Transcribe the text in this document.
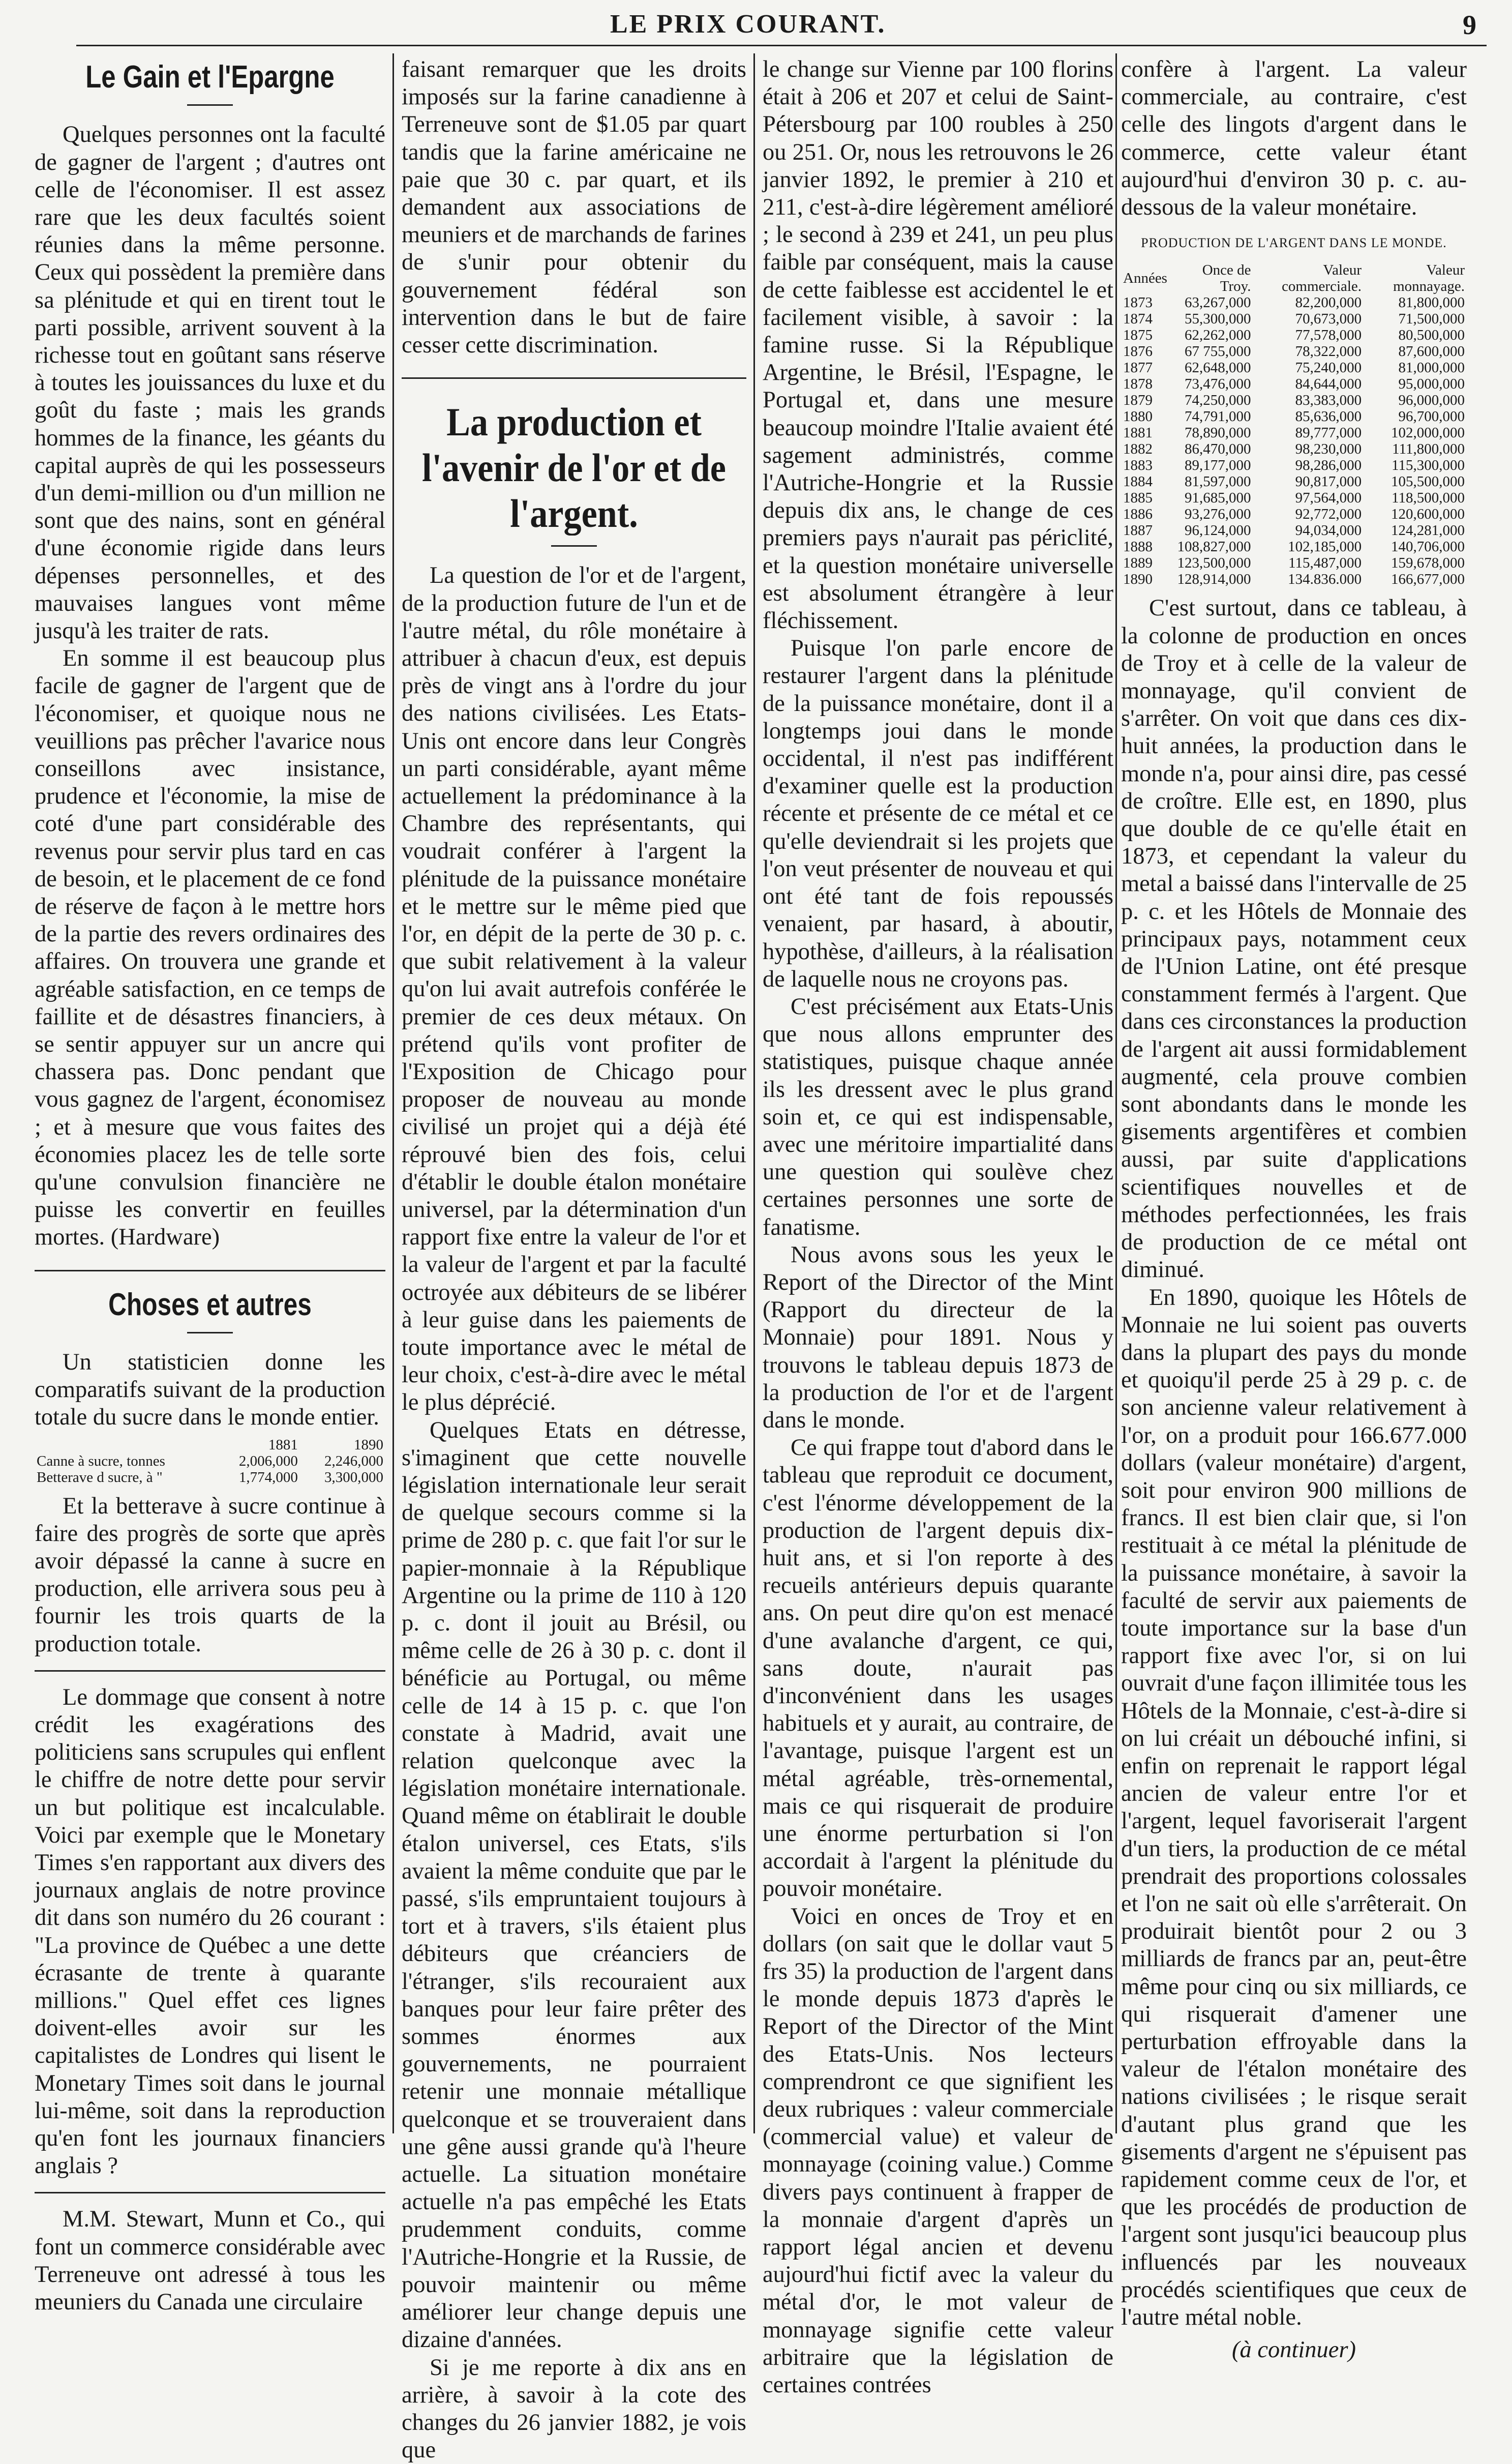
LE PRIX COURANT.	9
Le Gain et l'Epargne

Quelques personnes ont la faculté de gagner de l'argent ; d'autres ont celle de l'économiser. Il est assez rare que les deux facultés soient réunies dans la même personne. Ceux qui possèdent la première dans sa plénitude et qui en tirent tout le parti possible, arrivent souvent à la richesse tout en goûtant sans réserve à toutes les jouissances du luxe et du goût du faste ; mais les grands hommes de la finance, les géants du capital auprès de qui les possesseurs d'un demi-million ou d'un million ne sont que des nains, sont en général d'une économie rigide dans leurs dépenses personnelles, et des mauvaises langues vont même jusqu'à les traiter de rats.

En somme il est beaucoup plus facile de gagner de l'argent que de l'économiser, et quoique nous ne veuillions pas prêcher l'avarice nous conseillons avec insistance, prudence et l'économie, la mise de coté d'une part considérable des revenus pour servir plus tard en cas de besoin, et le placement de ce fond de réserve de façon à le mettre hors de la partie des revers ordinaires des affaires. On trouvera une grande et agréable satisfaction, en ce temps de faillite et de désastres financiers, à se sentir appuyer sur un ancre qui chassera pas. Donc pendant que vous gagnez de l'argent, économisez ; et à mesure que vous faites des économies placez les de telle sorte qu'une convulsion financière ne puisse les convertir en feuilles mortes. (Hardware)

Choses et autres

Un statisticien donne les comparatifs suivant de la production totale du sucre dans le monde entier.

	1881	1890
Canne à sucre, tonnes	2,006,000	2,246,000
Betterave d sucre, à "	1,774,000	3,300,000

Et la betterave à sucre continue à faire des progrès de sorte que après avoir dépassé la canne à sucre en production, elle arrivera sous peu à fournir les trois quarts de la production totale.

Le dommage que consent à notre crédit les exagérations des politiciens sans scrupules qui enflent le chiffre de notre dette pour servir un but politique est incalculable. Voici par exemple que le Monetary Times s'en rapportant aux divers des journaux anglais de notre province dit dans son numéro du 26 courant : "La province de Québec a une dette écrasante de trente à quarante millions." Quel effet ces lignes doivent-elles avoir sur les capitalistes de Londres qui lisent le Monetary Times soit dans le journal lui-même, soit dans la reproduction qu'en font les journaux financiers anglais ?

M.M. Stewart, Munn et Co., qui font un commerce considérable avec Terreneuve ont adressé à tous les meuniers du Canada une circulaire

faisant remarquer que les droits imposés sur la farine canadienne à Terreneuve sont de $1.05 par quart tandis que la farine américaine ne paie que 30 c. par quart, et ils demandent aux associations de meuniers et de marchands de farines de s'unir pour obtenir du gouvernement fédéral son intervention dans le but de faire cesser cette discrimination.

La production et l'avenir de l'or et de l'argent.

La question de l'or et de l'argent, de la production future de l'un et de l'autre métal, du rôle monétaire à attribuer à chacun d'eux, est depuis près de vingt ans à l'ordre du jour des nations civilisées. Les Etats-Unis ont encore dans leur Congrès un parti considérable, ayant même actuellement la prédominance à la Chambre des représentants, qui voudrait conférer à l'argent la plénitude de la puissance monétaire et le mettre sur le même pied que l'or, en dépit de la perte de 30 p. c. que subit relativement à la valeur qu'on lui avait autrefois conférée le premier de ces deux métaux. On prétend qu'ils vont profiter de l'Exposition de Chicago pour proposer de nouveau au monde civilisé un projet qui a déjà été réprouvé bien des fois, celui d'établir le double étalon monétaire universel, par la détermination d'un rapport fixe entre la valeur de l'or et la valeur de l'argent et par la faculté octroyée aux débiteurs de se libérer à leur guise dans les paiements de toute importance avec le métal de leur choix, c'est-à-dire avec le métal le plus déprécié.

Quelques Etats en détresse, s'imaginent que cette nouvelle législation internationale leur serait de quelque secours comme si la prime de 280 p. c. que fait l'or sur le papier-monnaie à la République Argentine ou la prime de 110 à 120 p. c. dont il jouit au Brésil, ou même celle de 26 à 30 p. c. dont il bénéficie au Portugal, ou même celle de 14 à 15 p. c. que l'on constate à Madrid, avait une relation quelconque avec la législation monétaire internationale. Quand même on établirait le double étalon universel, ces Etats, s'ils avaient la même conduite que par le passé, s'ils empruntaient toujours à tort et à travers, s'ils étaient plus débiteurs que créanciers de l'étranger, s'ils recouraient aux banques pour leur faire prêter des sommes énormes aux gouvernements, ne pourraient retenir une monnaie métallique quelconque et se trouveraient dans une gêne aussi grande qu'à l'heure actuelle. La situation monétaire actuelle n'a pas empêché les Etats prudemment conduits, comme l'Autriche-Hongrie et la Russie, de pouvoir maintenir ou même améliorer leur change depuis une dizaine d'années.

Si je me reporte à dix ans en arrière, à savoir à la cote des changes du 26 janvier 1882, je vois que

le change sur Vienne par 100 florins était à 206 et 207 et celui de Saint-Pétersbourg par 100 roubles à 250 ou 251. Or, nous les retrouvons le 26 janvier 1892, le premier à 210 et 211, c'est-à-dire légèrement amélioré ; le second à 239 et 241, un peu plus faible par conséquent, mais la cause de cette faiblesse est accidentel le et facilement visible, à savoir : la famine russe. Si la République Argentine, le Brésil, l'Espagne, le Portugal et, dans une mesure beaucoup moindre l'Italie avaient été sagement administrés, comme l'Autriche-Hongrie et la Russie depuis dix ans, le change de ces premiers pays n'aurait pas périclité, et la question monétaire universelle est absolument étrangère à leur fléchissement.

Puisque l'on parle encore de restaurer l'argent dans la plénitude de la puissance monétaire, dont il a longtemps joui dans le monde occidental, il n'est pas indifférent d'examiner quelle est la production récente et présente de ce métal et ce qu'elle deviendrait si les projets que l'on veut présenter de nouveau et qui ont été tant de fois repoussés venaient, par hasard, à aboutir, hypothèse, d'ailleurs, à la réalisation de laquelle nous ne croyons pas.

C'est précisément aux Etats-Unis que nous allons emprunter des statistiques, puisque chaque année ils les dressent avec le plus grand soin et, ce qui est indispensable, avec une méritoire impartialité dans une question qui soulève chez certaines personnes une sorte de fanatisme.

Nous avons sous les yeux le Report of the Director of the Mint (Rapport du directeur de la Monnaie) pour 1891. Nous y trouvons le tableau depuis 1873 de la production de l'or et de l'argent dans le monde.

Ce qui frappe tout d'abord dans le tableau que reproduit ce document, c'est l'énorme développement de la production de l'argent depuis dix-huit ans, et si l'on reporte à des recueils antérieurs depuis quarante ans. On peut dire qu'on est menacé d'une avalanche d'argent, ce qui, sans doute, n'aurait pas d'inconvénient dans les usages habituels et y aurait, au contraire, de l'avantage, puisque l'argent est un métal agréable, très-ornemental, mais ce qui risquerait de produire une énorme perturbation si l'on accordait à l'argent la plénitude du pouvoir monétaire.

Voici en onces de Troy et en dollars (on sait que le dollar vaut 5 frs 35) la production de l'argent dans le monde depuis 1873 d'après le Report of the Director of the Mint des Etats-Unis. Nos lecteurs comprendront ce que signifient les deux rubriques : valeur commerciale (commercial value) et valeur de monnayage (coining value.) Comme divers pays continuent à frapper de la monnaie d'argent d'après un rapport légal ancien et devenu aujourd'hui fictif avec la valeur du métal d'or, le mot valeur de monnayage signifie cette valeur arbitraire que la législation de certaines contrées

confère à l'argent. La valeur commerciale, au contraire, c'est celle des lingots d'argent dans le commerce, cette valeur étant aujourd'hui d'environ 30 p. c. au-dessous de la valeur monétaire.

PRODUCTION DE L'ARGENT DANS LE MONDE.
Années	Once de Troy.	Valeur commerciale.	Valeur monnayage.
1873	63,267,000	82,200,000	81,800,000
1874	55,300,000	70,673,000	71,500,000
1875	62,262,000	77,578,000	80,500,000
1876	67 755,000	78,322,000	87,600,000
1877	62,648,000	75,240,000	81,000,000
1878	73,476,000	84,644,000	95,000,000
1879	74,250,000	83,383,000	96,000,000
1880	74,791,000	85,636,000	96,700,000
1881	78,890,000	89,777,000	102,000,000
1882	86,470,000	98,230,000	111,800,000
1883	89,177,000	98,286,000	115,300,000
1884	81,597,000	90,817,000	105,500,000
1885	91,685,000	97,564,000	118,500,000
1886	93,276,000	92,772,000	120,600,000
1887	96,124,000	94,034,000	124,281,000
1888	108,827,000	102,185,000	140,706,000
1889	123,500,000	115,487,000	159,678,000
1890	128,914,000	134.836.000	166,677,000

C'est surtout, dans ce tableau, à la colonne de production en onces de Troy et à celle de la valeur de monnayage, qu'il convient de s'arrêter. On voit que dans ces dix-huit années, la production dans le monde n'a, pour ainsi dire, pas cessé de croître. Elle est, en 1890, plus que double de ce qu'elle était en 1873, et cependant la valeur du metal a baissé dans l'intervalle de 25 p. c. et les Hôtels de Monnaie des principaux pays, notamment ceux de l'Union Latine, ont été presque constamment fermés à l'argent. Que dans ces circonstances la production de l'argent ait aussi formidablement augmenté, cela prouve combien sont abondants dans le monde les gisements argentifères et combien aussi, par suite d'applications scientifiques nouvelles et de méthodes perfectionnées, les frais de production de ce métal ont diminué.

En 1890, quoique les Hôtels de Monnaie ne lui soient pas ouverts dans la plupart des pays du monde et quoiqu'il perde 25 à 29 p. c. de son ancienne valeur relativement à l'or, on a produit pour 166.677.000 dollars (valeur monétaire) d'argent, soit pour environ 900 millions de francs. Il est bien clair que, si l'on restituait à ce métal la plénitude de la puissance monétaire, à savoir la faculté de servir aux paiements de toute importance sur la base d'un rapport fixe avec l'or, si on lui ouvrait d'une façon illimitée tous les Hôtels de la Monnaie, c'est-à-dire si on lui créait un débouché infini, si enfin on reprenait le rapport légal ancien de valeur entre l'or et l'argent, lequel favoriserait l'argent d'un tiers, la production de ce métal prendrait des proportions colossales et l'on ne sait où elle s'arrêterait. On produirait bientôt pour 2 ou 3 milliards de francs par an, peut-être même pour cinq ou six milliards, ce qui risquerait d'amener une perturbation effroyable dans la valeur de l'étalon monétaire des nations civilisées ; le risque serait d'autant plus grand que les gisements d'argent ne s'épuisent pas rapidement comme ceux de l'or, et que les procédés de production de l'argent sont jusqu'ici beaucoup plus influencés par les nouveaux procédés scientifiques que ceux de l'autre métal noble.

(à continuer)
